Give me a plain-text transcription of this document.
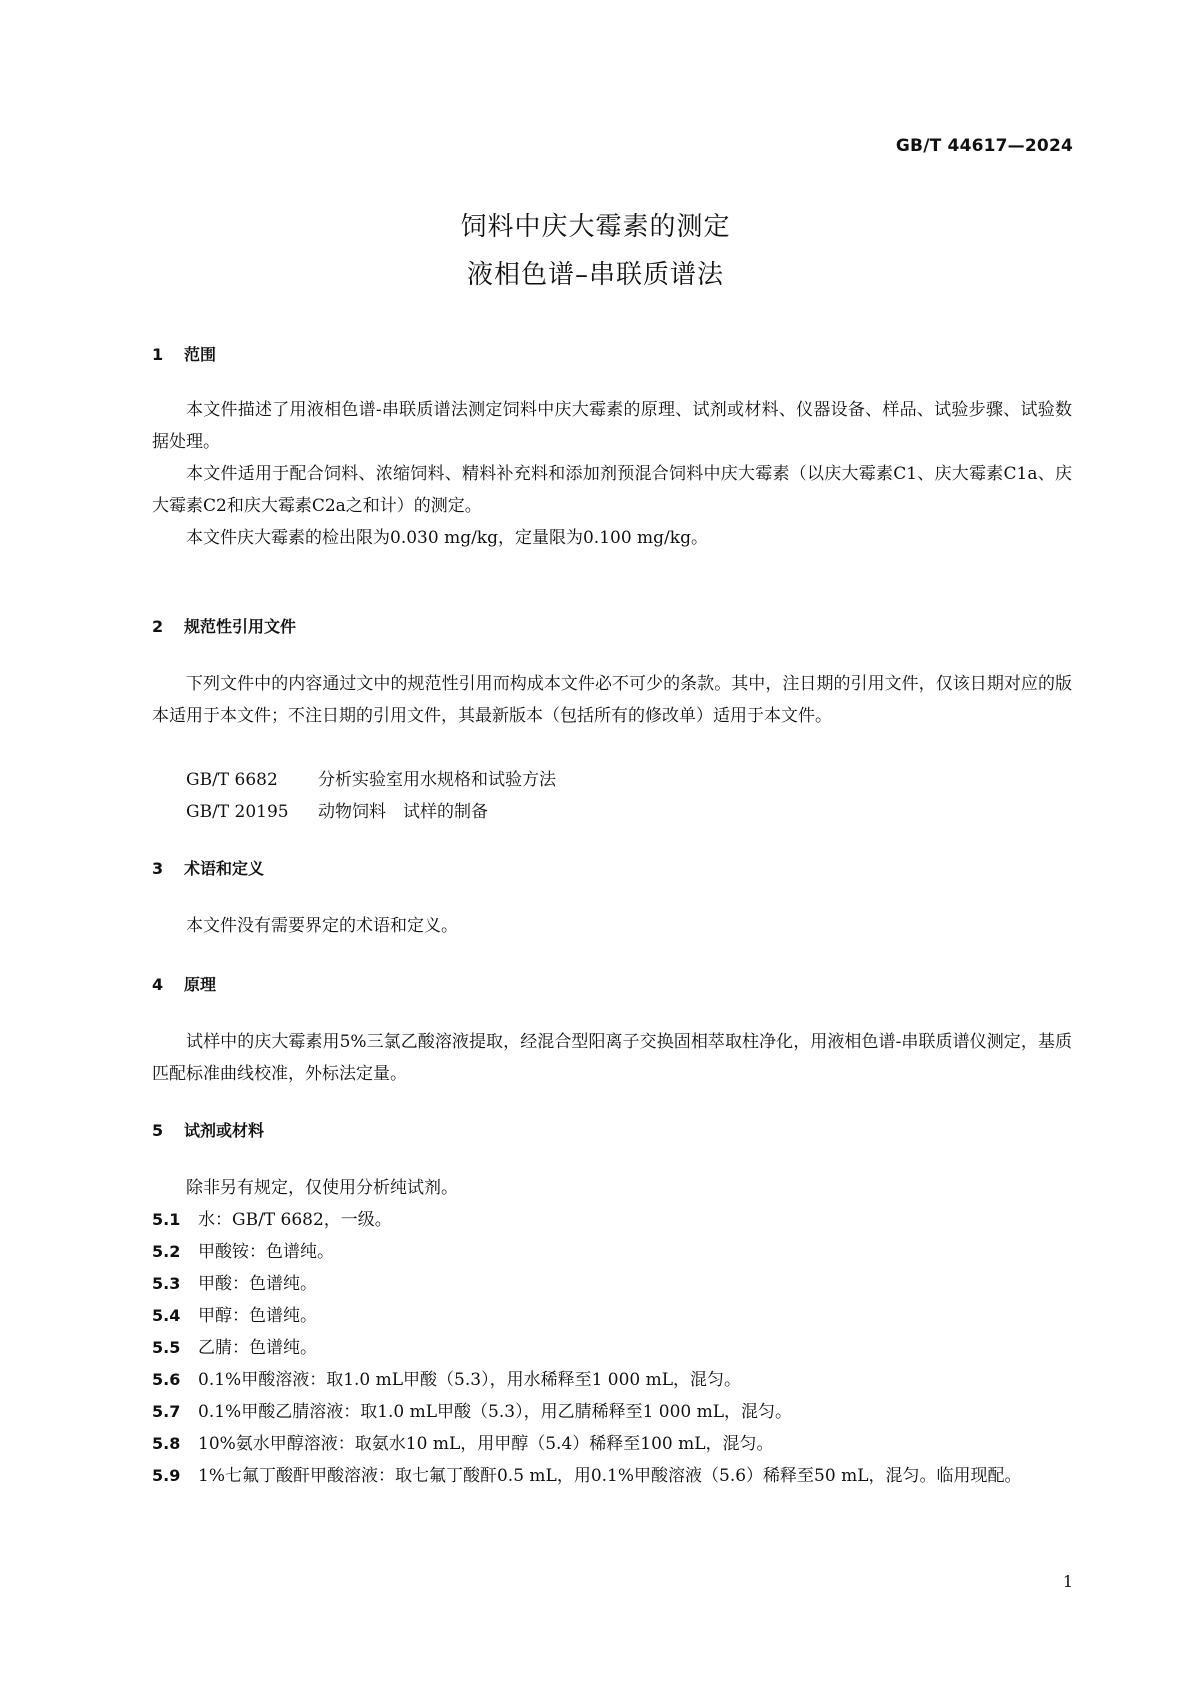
GB/T 44617—2024
饲料中庆大霉素的测定
液相色谱–串联质谱法
1 范围

本文件描述了用液相色谱-串联质谱法测定饲料中庆大霉素的原理、试剂或材料、仪器设备、样品、试验步骤、试验数据处理。

本文件适用于配合饲料、浓缩饲料、精料补充料和添加剂预混合饲料中庆大霉素（以庆大霉素C1、庆大霉素C1a、庆大霉素C2和庆大霉素C2a之和计）的测定。

本文件庆大霉素的检出限为0.030 mg/kg，定量限为0.100 mg/kg。

2 规范性引用文件

下列文件中的内容通过文中的规范性引用而构成本文件必不可少的条款。其中，注日期的引用文件，仅该日期对应的版本适用于本文件；不注日期的引用文件，其最新版本（包括所有的修改单）适用于本文件。

GB/T 6682 分析实验室用水规格和试验方法
GB/T 20195 动物饲料　试样的制备
3 术语和定义

本文件没有需要界定的术语和定义。

4 原理

试样中的庆大霉素用5%三氯乙酸溶液提取，经混合型阳离子交换固相萃取柱净化，用液相色谱-串联质谱仪测定，基质匹配标准曲线校准，外标法定量。

5 试剂或材料

除非另有规定，仅使用分析纯试剂。

5.1 水：GB/T 6682，一级。

5.2 甲酸铵：色谱纯。

5.3 甲酸：色谱纯。

5.4 甲醇：色谱纯。

5.5 乙腈：色谱纯。

5.6 0.1%甲酸溶液：取1.0 mL甲酸（5.3），用水稀释至1 000 mL，混匀。

5.7 0.1%甲酸乙腈溶液：取1.0 mL甲酸（5.3），用乙腈稀释至1 000 mL，混匀。

5.8 10%氨水甲醇溶液：取氨水10 mL，用甲醇（5.4）稀释至100 mL，混匀。

5.9 1%七氟丁酸酐甲酸溶液：取七氟丁酸酐0.5 mL，用0.1%甲酸溶液（5.6）稀释至50 mL，混匀。临用现配。

1
